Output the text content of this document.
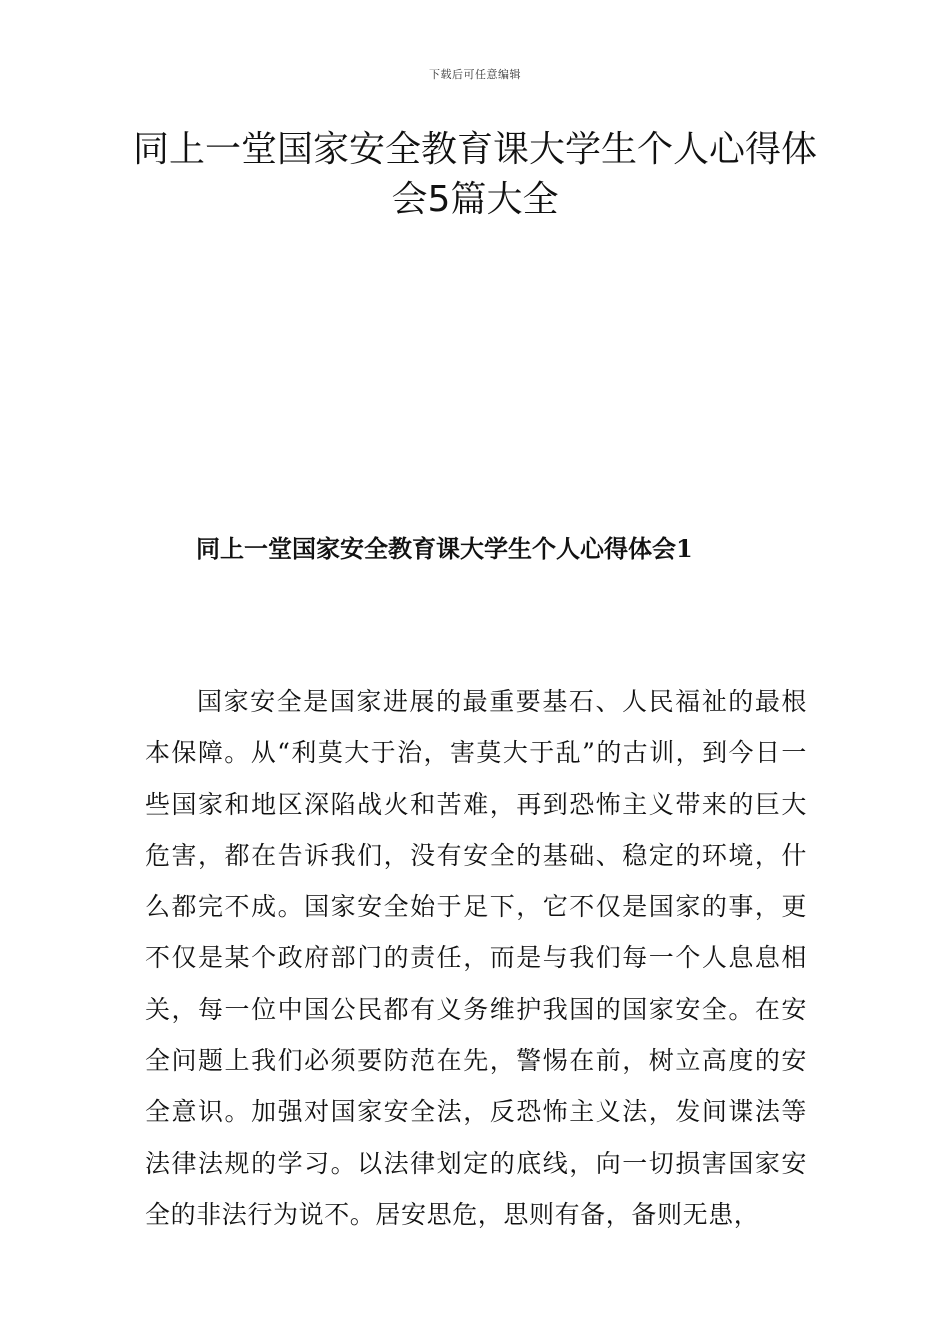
下载后可任意编辑
同上一堂国家安全教育课大学生个人心得体会5篇大全
同上一堂国家安全教育课大学生个人心得体会1

国家安全是国家进展的最重要基石、人民福祉的最根本保障。从“利莫大于治，害莫大于乱”的古训，到今日一些国家和地区深陷战火和苦难，再到恐怖主义带来的巨大危害，都在告诉我们，没有安全的基础、稳定的环境，什么都完不成。国家安全始于足下，它不仅是国家的事，更不仅是某个政府部门的责任，而是与我们每一个人息息相关，每一位中国公民都有义务维护我国的国家安全。在安全问题上我们必须要防范在先，警惕在前，树立高度的安全意识。加强对国家安全法，反恐怖主义法，发间谍法等法律法规的学习。以法律划定的底线，向一切损害国家安全的非法行为说不。居安思危，思则有备，备则无患，
